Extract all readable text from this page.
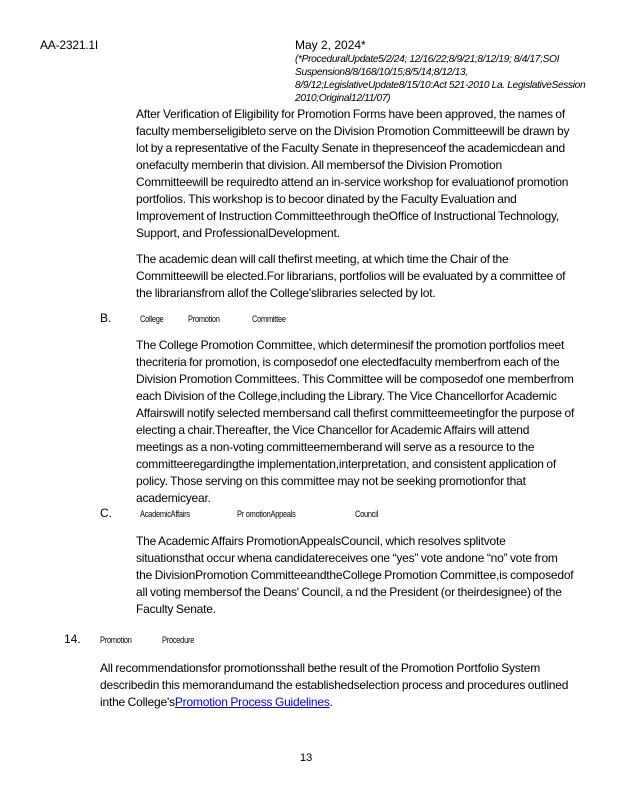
AA-2321.1I	May 2, 2024*
(*ProceduralUpdate5/2/24; 12/16/22;8/9/21;8/12/19; 8/4/17;SOI Suspension8/8/168/10/15;8/5/14;8/12/13, 8/9/12;LegislativeUpdate8/15/10:Act 521-2010 La. LegislativeSession 2010;Original12/11/07)
After Verification of Eligibility for Promotion Forms have been approved, the names of faculty memberseligibleto serve on the Division Promotion Committeewill be drawn by lot by a representative of the Faculty Senate in thepresenceof the academicdean and onefaculty memberin that division. All membersof the Division Promotion Committeewill be requiredto attend an in-service workshop for evaluationof promotion portfolios. This workshop is to becoor dinated by the Faculty Evaluation and Improvement of Instruction Committeethrough theOffice of Instructional Technology, Support, and ProfessionalDevelopment.
The academic dean will call thefirst meeting, at which time the Chair of the Committeewill be elected.For librarians, portfolios will be evaluated by a committee of the librariansfrom allof the College'slibraries selected by lot.
B.	College	Promotion	Committee
The College Promotion Committee, which determinesif the promotion portfolios meet thecriteria for promotion, is composedof one electedfaculty memberfrom each of the Division Promotion Committees. This Committee will be composedof one memberfrom each Division of the College,including the Library. The Vice Chancellorfor Academic Affairswill notify selected membersand call thefirst committeemeetingfor the purpose of electing a chair.Thereafter, the Vice Chancellor for Academic Affairs will attend meetings as a non-voting committeememberand will serve as a resource to the committeeregardingthe implementation,interpretation, and consistent application of policy. Those serving on this committee may not be seeking promotionfor that academicyear.
C.	AcademicAffairs	Pr omotionAppeals	Council
The Academic Affairs PromotionAppealsCouncil, which resolves splitvote situationsthat occur whena candidatereceives one “yes” vote andone “no” vote from the DivisionPromotion CommitteeandtheCollege Promotion Committee,is composedof all voting membersof the Deans' Council, a nd the President (or theirdesignee) of the Faculty Senate.
14.	Promotion	Procedure
All recommendationsfor promotionsshall bethe result of the Promotion Portfolio System describedin this memorandumand the establishedselection process and procedures outlined inthe College'sPromotion Process Guidelines.
13
